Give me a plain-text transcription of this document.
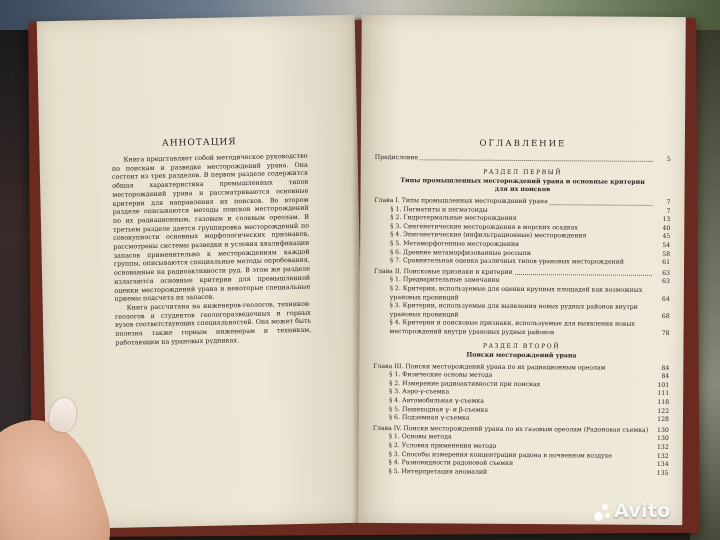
АННОТАЦИЯ

Книга представляет собой методическое руководство по поискам и разведке месторождений урана. Она состоит из трех разделов. В первом разделе содержится общая характеристика промышленных типов месторождений урана и рассматриваются основные критерии для направления их поисков. Во втором разделе описываются методы поисков месторождений по их радиационным, газовым и солевым ореолам. В третьем разделе дается группировка месторождений по совокупности основных морфологических признаков, рассмотрены системы разведки и условия квалификации запасов применительно к месторождениям каждой группы, описываются специальные методы опробования, основанные на радиоактивности руд. В этом же разделе излагаются основные критерии для промышленной оценки месторождений урана и некоторые специальные приемы подсчета их запасов.

Книга рассчитана на инженеров-геологов, техников-геологов и студентов геологоразведочных и горных вузов соответствующих специальностей. Она может быть полезна также горным инженерам и техникам, работающим на урановых рудниках.

ОГЛАВЛЕНИЕ
Предисловие	5
РАЗДЕЛ ПЕРВЫЙ
Типы промышленных месторождений урана и основные критерии для их поисков
Глава I. Типы промышленных месторождений урана	7
§ 1. Пегматиты и пегматоиды	7
§ 2. Гидротермальные месторождения	13
§ 3. Сингенетические месторождения в морских осадках	40
§ 4. Эпигенетические (инфильтрационные) месторождения	45
§ 5. Метаморфогенные месторождения	54
§ 6. Древние метаморфизованные россыпи	58
§ 7. Сравнительная оценка различных типов урановых месторождений	61
Глава II. Поисковые признаки и критерии	63
§ 1. Предварительные замечания	63
§ 2. Критерии, используемые для оценки крупных площадей как возможных урановых провинций	64
§ 3. Критерии, используемые для выявления новых рудных районов внутри урановых провинций	68
§ 4. Критерии и поисковые признаки, используемые для выявления новых месторождений внутри урановых рудных районов	78
РАЗДЕЛ ВТОРОЙ
Поиски месторождений урана
Глава III. Поиски месторождений урана по их радиационным ореолам	84
§ 1. Физические основы метода	84
§ 2. Измерение радиоактивности при поисках	101
§ 3. Аэро-γ-съемка	111
§ 4. Автомобильная γ-съемка	118
§ 5. Пешеходная γ- и β-съемка	122
§ 6. Подземная γ-съемка	128
Глава IV. Поиски месторождений урана по их газовым ореолам (Радоновая съемка)	130
§ 1. Основы метода	130
§ 2. Условия применения метода	132
§ 3. Способы измерения концентрации радона в почвенном воздухе	132
§ 4. Разновидности радоновой съемки	134
§ 5. Интерпретация аномалий	135
Avito
